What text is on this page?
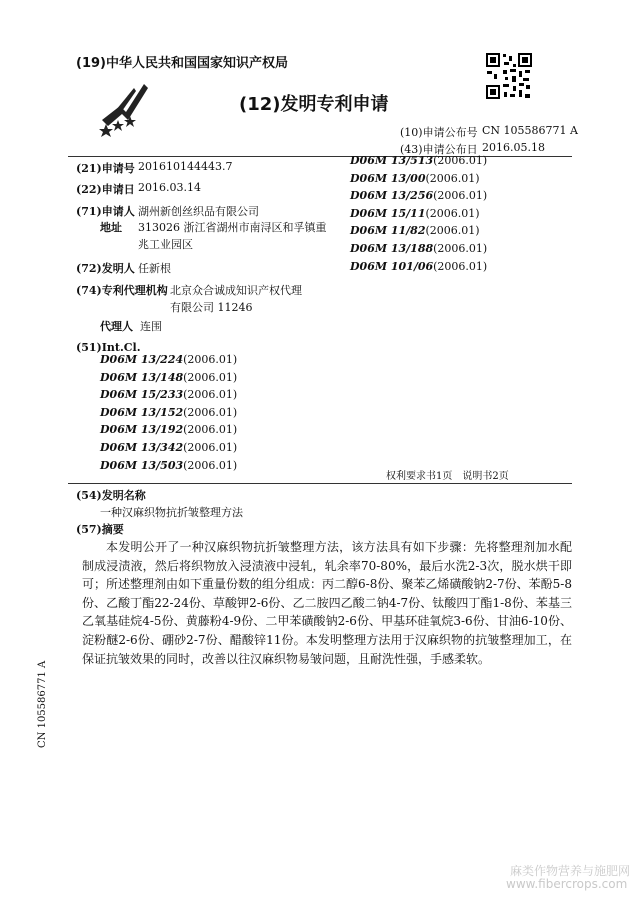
(19)中华人民共和国国家知识产权局
(12)发明专利申请
(10)申请公布号 CN 105586771 A
(43)申请公布日 2016.05.18
(21)申请号 201610144443.7
(22)申请日 2016.03.14
(71)申请人 湖州新创丝织品有限公司
地址 313026 浙江省湖州市南浔区和孚镇重
兆工业园区
(72)发明人 任新根
(74)专利代理机构 北京众合诚成知识产权代理
有限公司 11246
代理人 连围
(51)Int.Cl.
D06M 13/224(2006.01)
D06M 13/148(2006.01)
D06M 15/233(2006.01)
D06M 13/152(2006.01)
D06M 13/192(2006.01)
D06M 13/342(2006.01)
D06M 13/503(2006.01)
D06M 13/513(2006.01)
D06M 13/00(2006.01)
D06M 13/256(2006.01)
D06M 15/11(2006.01)
D06M 11/82(2006.01)
D06M 13/188(2006.01)
D06M 101/06(2006.01)
权利要求书1页　说明书2页
(54)发明名称
一种汉麻织物抗折皱整理方法
(57)摘要
本发明公开了一种汉麻织物抗折皱整理方法，该方法具有如下步骤：先将整理剂加水配制成浸渍液，然后将织物放入浸渍液中浸轧，轧余率70-80%，最后水洗2-3次，脱水烘干即可；所述整理剂由如下重量份数的组分组成：丙二醇6-8份、聚苯乙烯磺酸钠2-7份、苯酚5-8份、乙酸丁酯22-24份、草酸钾2-6份、乙二胺四乙酸二钠4-7份、钛酸四丁酯1-8份、苯基三乙氧基硅烷4-5份、黄藤粉4-9份、二甲苯磺酸钠2-6份、甲基环硅氧烷3-6份、甘油6-10份、淀粉醚2-6份、硼砂2-7份、醋酸锌11份。本发明整理方法用于汉麻织物的抗皱整理加工，在保证抗皱效果的同时，改善以往汉麻织物易皱问题，且耐洗性强，手感柔软。
CN 105586771 A
麻类作物营养与施肥网
www.fibercrops.com
